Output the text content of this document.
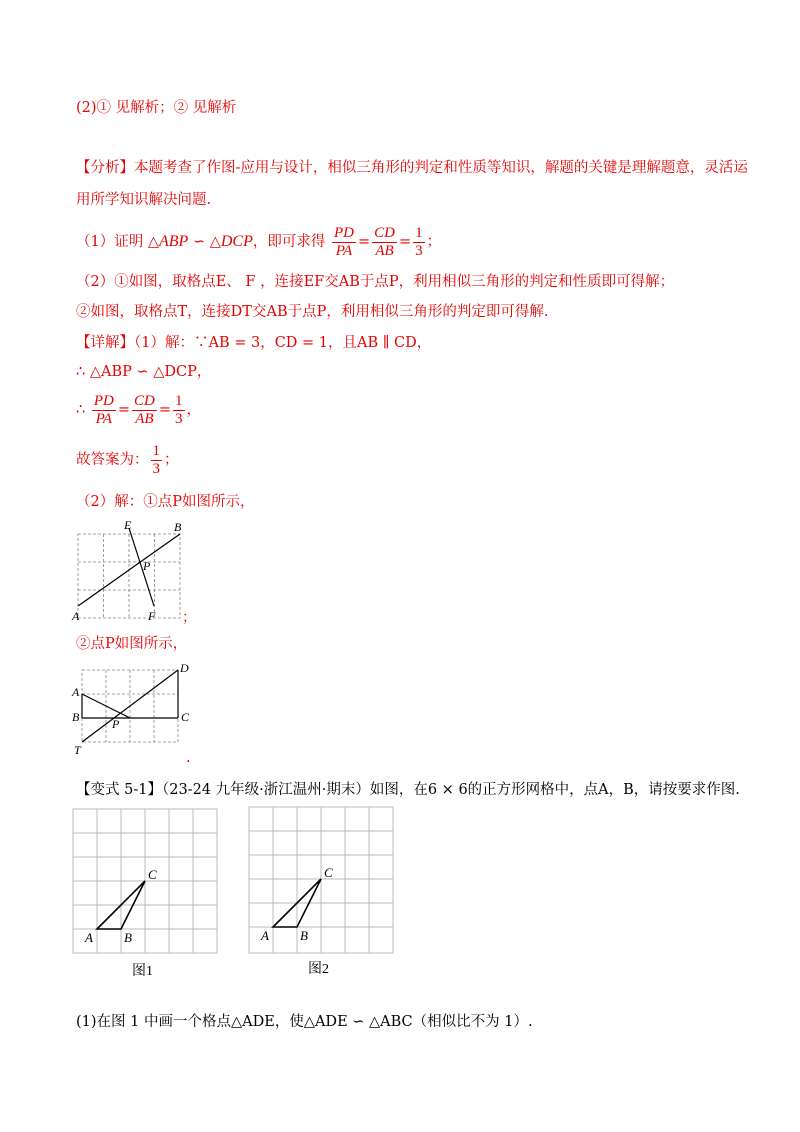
(2)① 见解析；② 见解析
【分析】本题考查了作图-应用与设计，相似三角形的判定和性质等知识，解题的关键是理解题意，灵活运
用所学知识解决问题.
（1）证明 △ABP ∽ △DCP，即可求得 $\frac{PD}{PA} = \frac{CD}{AB} = \frac{1}{3}$ ；
（2）①如图，取格点E、 F ，连接EF交AB于点P，利用相似三角形的判定和性质即可得解；
②如图，取格点T，连接DT交AB于点P，利用相似三角形的判定即可得解.
【详解】（1）解：∵AB = 3，CD = 1，且AB ∥ CD，
∴ △ABP ∽ △DCP，
∴ $\frac{PD}{PA} = \frac{CD}{AB} = \frac{1}{3}$ ，
故答案为： $\frac{1}{3}$ ；
（2）解：①点P如图所示，
E	B
P
A	F ；
②点P如图所示，
D
A
B	C
P
T	.
【变式 5-1】（23-24 九年级·浙江温州·期末）如图，在6 × 6的正方形网格中，点A，B，请按要求作图.
C
A B
图1
C
A B
图2
(1)在图 1 中画一个格点△ADE，使△ADE ∽ △ABC（相似比不为 1）.
